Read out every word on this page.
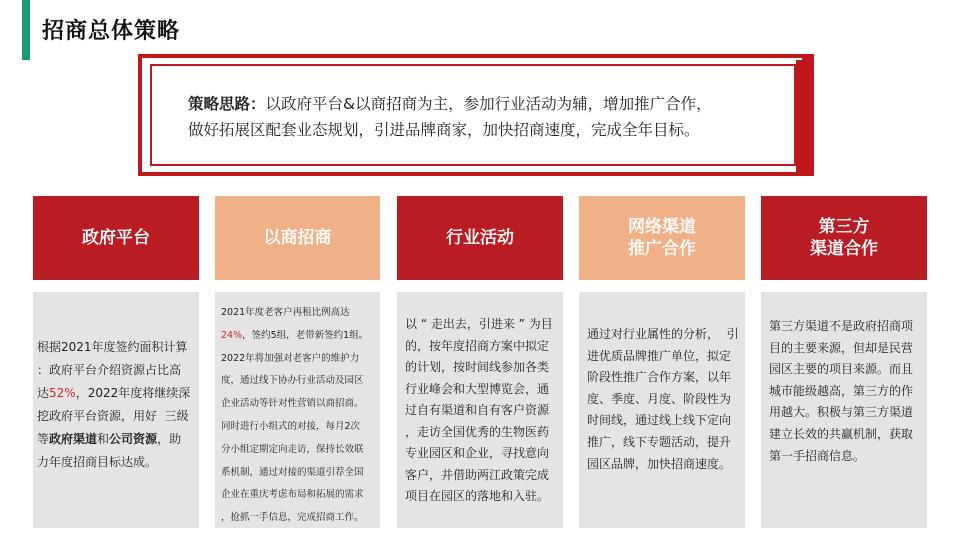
招商总体策略
策略思路：以政府平台&以商招商为主，参加行业活动为辅，增加推广合作，
做好拓展区配套业态规划，引进品牌商家，加快招商速度，完成全年目标。
政府平台	以商招商	行业活动
网络渠道
推广合作
第三方
渠道合作

根据2021年度签约面积计算

：政府平台介绍资源占比高

达52%，2022年度将继续深

挖政府平台资源，用好  三级

等政府渠道和公司资源，助

力年度招商目标达成。

2021年度老客户再租比例高达

24%，签约5组，老带新签约1组。

2022年将加强对老客户的维护力

度，通过线下协办行业活动及园区

企业活动等针对性营销以商招商。

同时进行小组式的对接，每月2次

分小组定期定向走访，保持长效联

系机制，通过对接的渠道引荐全国

企业在重庆考虑布局和拓展的需求

，抢抓一手信息，完成招商工作。

以 “ 走出去，引进来 ” 为目

的，按年度招商方案中拟定

的计划，按时间线参加各类

行业峰会和大型博览会，通

过自有渠道和自有客户资源

，走访全国优秀的生物医药

专业园区和企业，寻找意向

客户，并借助两江政策完成

项目在园区的落地和入驻。

通过对行业属性的分析，  引

进优质品牌推广单位，拟定

阶段性推广合作方案，以年

度、季度、月度、阶段性为

时间线，通过线上线下定向

推广，线下专题活动，提升

园区品牌，加快招商速度。

第三方渠道不是政府招商项

目的主要来源，但却是民营

园区主要的项目来源。而且

城市能级越高，第三方的作

用越大。积极与第三方渠道

建立长效的共赢机制，获取

第一手招商信息。
